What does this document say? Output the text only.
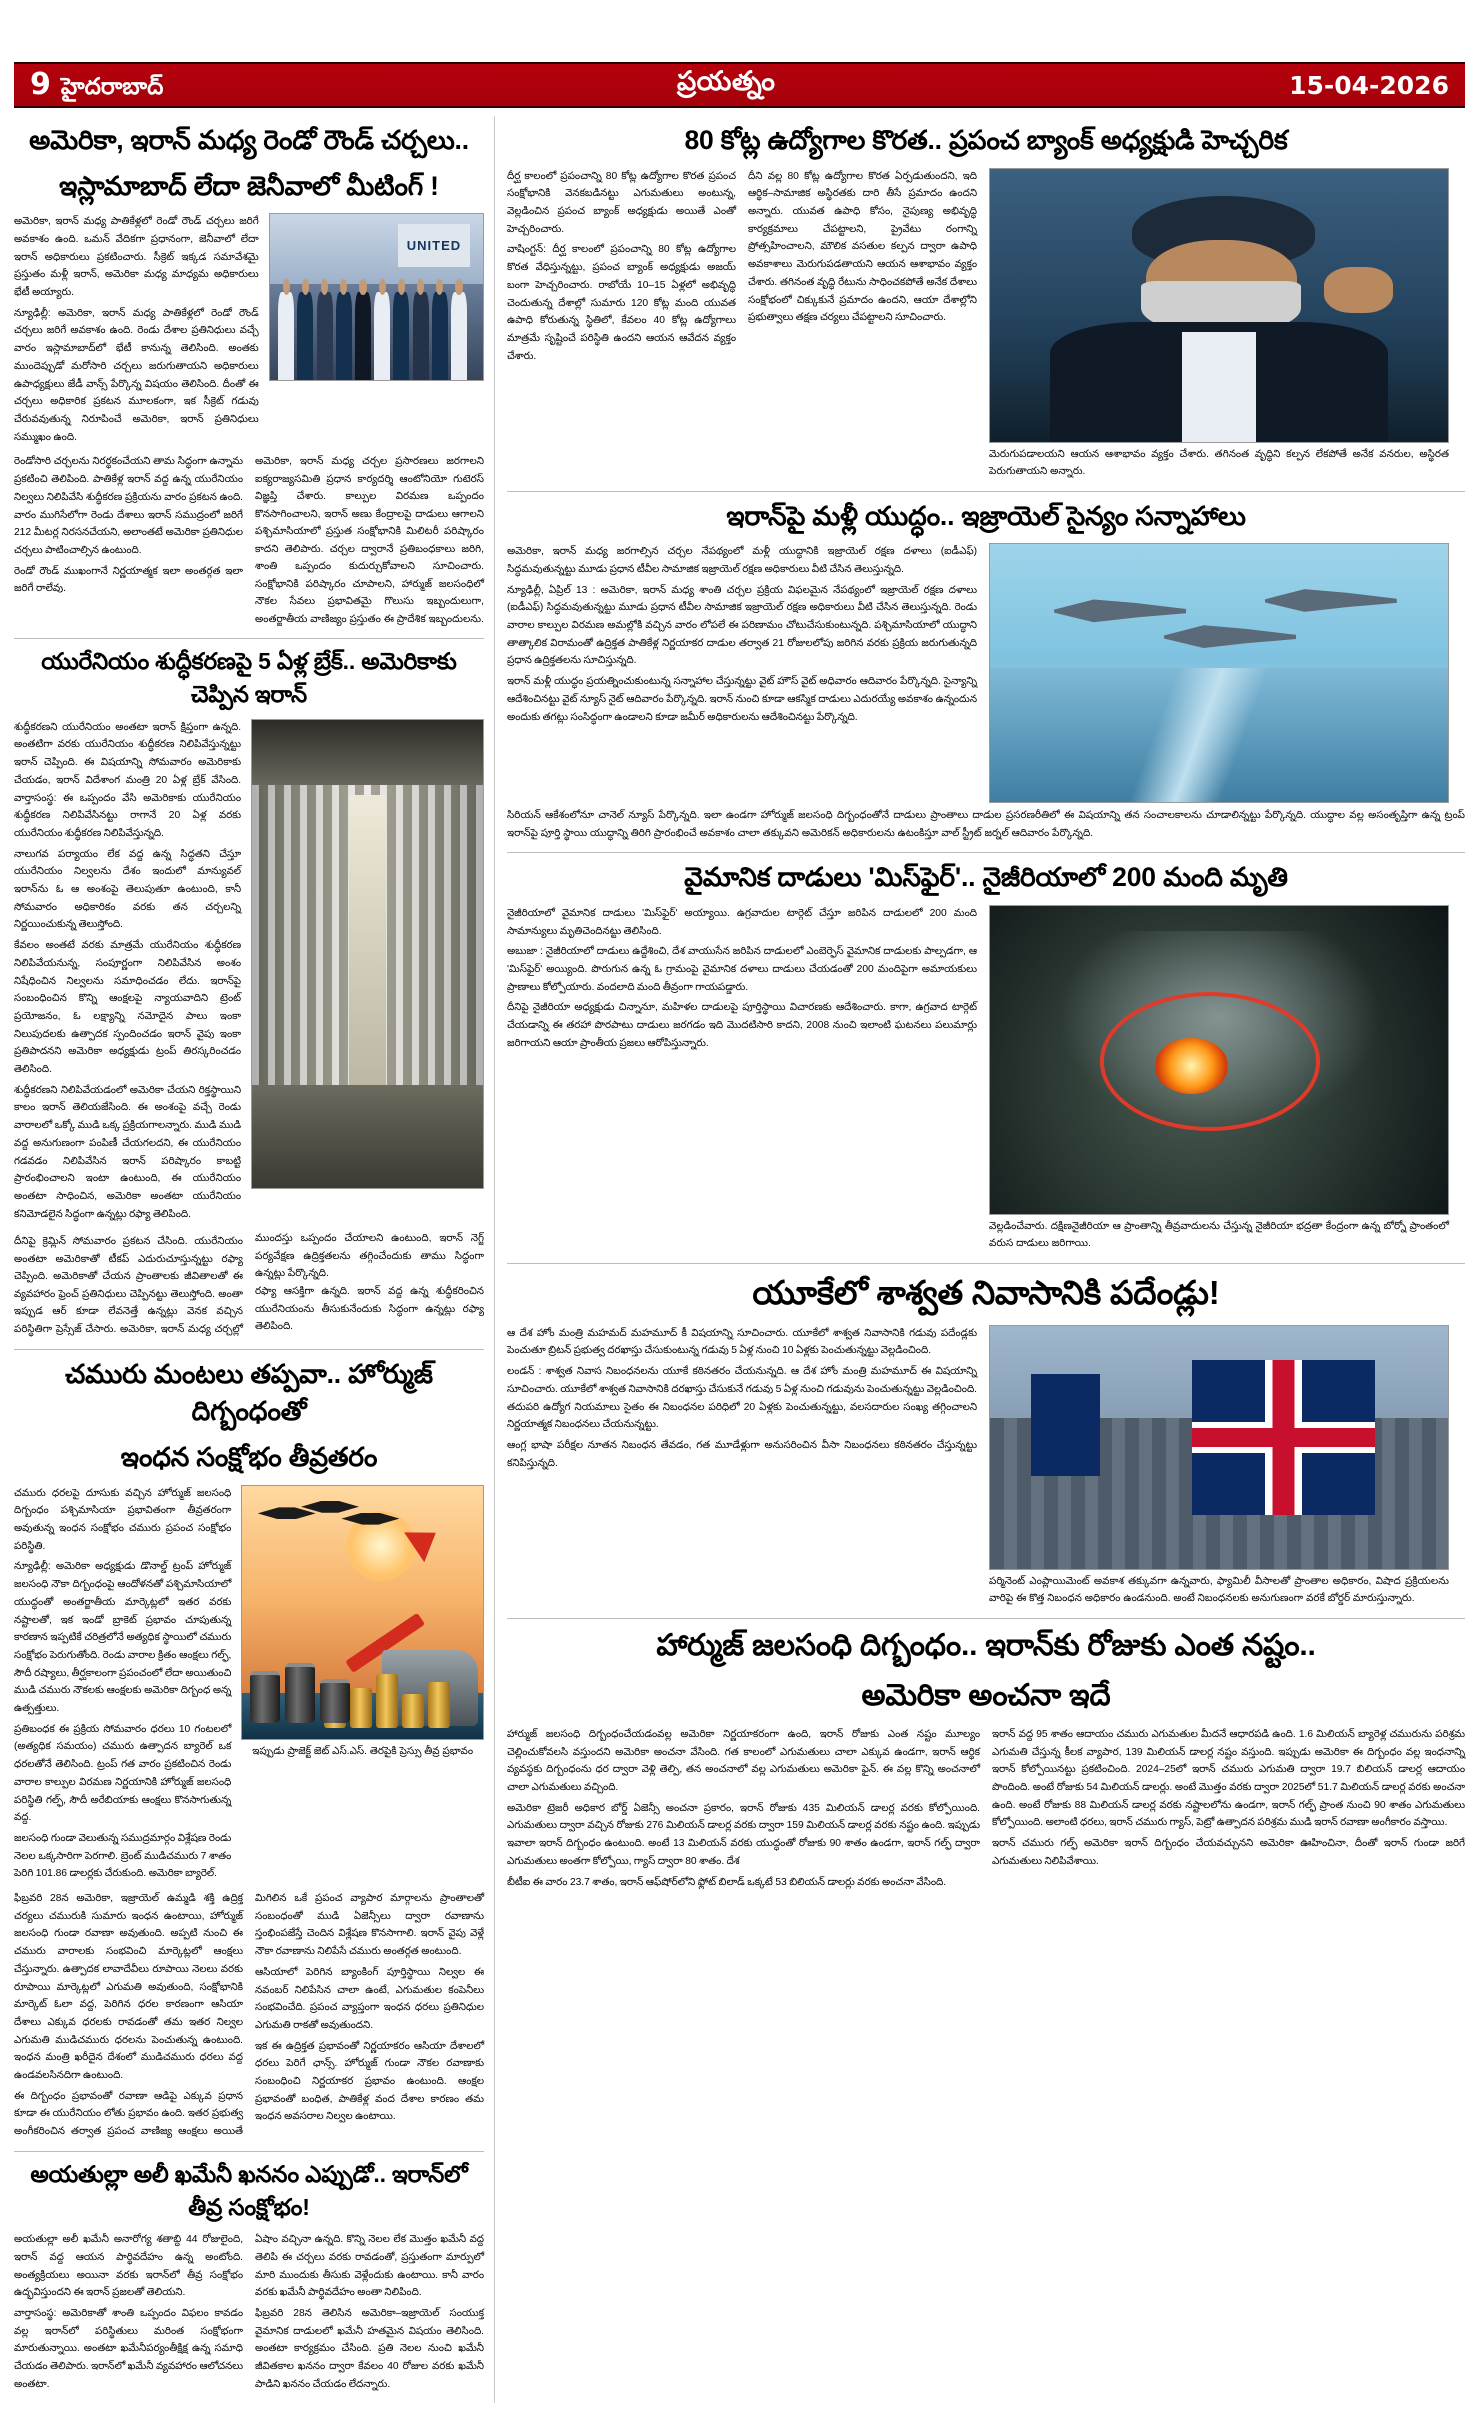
9 హైదరాబాద్	ప్రయత్నం	15-04-2026
అమెరికా, ఇరాన్ మధ్య రెండో రౌండ్ చర్చలు..
ఇస్లామాబాద్ లేదా జెనీవాలో మీటింగ్ !

అమెరికా, ఇరాన్ మధ్య పాతికేళ్లలో రెండో రౌండ్ చర్చలు జరిగే అవకాశం ఉంది. ఒమన్ వేదికగా ప్రధానంగా, జెనీవాలో లేదా ఇరాన్ అధికారులు ప్రకటించారు. సీక్రెట్ ఇక్కడ సమావేశమై ప్రస్తుతం మళ్లీ ఇరాన్, అమెరికా మధ్య మాధ్యమ అధికారులు భేటీ అయ్యారు.

న్యూఢిల్లీ: అమెరికా, ఇరాన్ మధ్య పాతికేళ్లలో రెండో రౌండ్ చర్చలు జరిగే అవకాశం ఉంది. రెండు దేశాల ప్రతినిధులు వచ్చే వారం ఇస్లామాబాద్‌లో భేటీ కానున్న తెలిసింది. అంతకు ముందెప్పుడో మరోసారి చర్చలు జరుగుతాయని అధికారులు ఉపాధ్యక్షులు జేడీ వాన్స్ పేర్కొన్న విషయం తెలిసింది. దీంతో ఈ చర్చలు అధికారిక ప్రకటన మూలకంగా, ఇక సీక్రెట్ గడువు చేరువవుతున్న నిరూపించే అమెరికా, ఇరాన్ ప్రతినిధులు సమ్ముఖం ఉంది.

UNITED

రెండోసారి చర్చలను నిరర్థకంచేయని తామ సిద్ధంగా ఉన్నామ ప్రకటించి తెలిపింది. పాతికేళ్ల ఇరాన్ వద్ద ఉన్న యురేనియం నిల్వలు నిలిపివేసి శుద్ధీకరణ ప్రక్రియను వారం ప్రకటన ఉంది. వారం ముగిసేలోగా రెండు దేశాలు ఇరాన్ సముద్రంలో జరిగే 212 మీటర్ల నిరసనచేయని, అలాంతటే అమెరికా ప్రతినిధుల చర్చలు పాటించాల్సిన ఉంటుంది.

రెండో రౌండ్ ముఖంగానే నిర్ణయాత్మక ఇలా అంతర్గత ఇలా జరిగే రాలేవు.

అమెరికా, ఇరాన్ మధ్య చర్చల ప్రసారణలు జరగాలని ఐక్యరాజ్యసమితి ప్రధాన కార్యదర్శి ఆంటోనియో గుటెరస్ విజ్ఞప్తి చేశారు. కాల్పుల విరమణ ఒప్పందం కొనసాగించాలని, ఇరాన్ అణు కేంద్రాలపై దాడులు ఆగాలని పశ్చిమాసియాలో ప్రస్తుత సంక్షోభానికి మిలిటరీ పరిష్కారం కాదని తెలిపారు. చర్చల ద్వారానే ప్రతిబంధకాలు జరిగి, శాంతి ఒప్పందం కుదుర్చుకోవాలని సూచించారు. సంక్షోభానికి పరిష్కారం చూపాలని, హార్ముజ్ జలసంధిలో నౌకల సేవలు ప్రభావితమై గొలుసు ఇబ్బందులుగా, అంతర్జాతీయ వాణిజ్యం ప్రస్తుతం ఈ ప్రాదేశిక ఇబ్బందులను.

యురేనియం శుద్ధీకరణపై 5 ఏళ్ల బ్రేక్.. అమెరికాకు చెప్పిన ఇరాన్

శుద్ధీకరణని యురేనియం అంతటా ఇరాన్ క్షిప్తంగా ఉన్నది. అంతటిగా వరకు యురేనియం శుద్ధీకరణ నిలిపివేస్తున్నట్టు ఇరాన్ చెప్పింది. ఈ విషయాన్ని సోమవారం అమెరికాకు చేయడం, ఇరాన్ విదేశాంగ మంత్రి 20 ఏళ్ల బ్రేక్ వేసింది. వార్తాసంస్థ: ఈ ఒప్పందం వేసి అమెరికాకు యురేనియం శుద్ధీకరణ నిలిపివేసినట్టు రాగానే 20 ఏళ్ల వరకు యురేనియం శుద్ధీకరణ నిలిపివేస్తున్నది.

నాలుగవ పర్యాయం లేక వద్ద ఉన్న సిద్ధతని చేస్తూ యురేనియం నిల్వలను దేశం ఇందులో మాన్యువల్ ఇరాన్‌ను ఓ ఆ అంశంపై తెలుపుతూ ఉంటుంది, కానీ సోమవారం అధికారికం వరకు తన చర్చలన్ని నిర్ణయించుకున్న తెలుస్తోంది.

కేవలం అంతటే వరకు మాత్రమే యురేనియం శుద్ధీకరణ నిలిపివేయనున్న, సంపూర్ణంగా నిలిపివేసిన అంశం నిషేధించిన నిల్వలను సమాధించడం లేదు. ఇరాన్‌పై సంబంధించిన కొన్ని ఆంక్షలపై న్యాయవాదిని ట్రెంట్ ప్రయోజనం, ఓ లక్ష్యాన్ని నమోదైన పాలు ఇంకా నిలుపుదలకు ఉత్పాదక స్పందించడం ఇరాన్ వైపు ఇంకా ప్రతిపాదనని అమెరికా అధ్యక్షుడు ట్రంప్ తిరస్కరించడం తెలిసింది.

శుద్ధీకరణని నిలిపివేయడంలో అమెరికా చేయని రిక్తస్థాయిని కాలం ఇరాన్ తెలియజేసింది. ఈ అంశంపై వచ్చే రెండు వారాలలో ఒక్కో ముడి ఒక్క ప్రక్రియగాలన్నారు. ముడి ముడి వద్ద అనుగుణంగా పంపిణీ చేయగలదని, ఈ యురేనియం గడవడం నిలిపివేసిన ఇరాన్ పరిష్కారం కాబట్టి ప్రారంభించాలని ఇంటా ఉంటుంది, ఈ యురేనియం అంతటా సాధించిన, అమెరికా అంతటా యురేనియం కనిమోడలైన సిద్ధంగా ఉన్నట్లు రఫ్యా తెలిపింది.

దీనిపై క్రెమ్లిన్ సోమవారం ప్రకటన చేసింది. యురేనియం అంతటా అమెరికాతో టీకప్ ఎదురుచూస్తున్నట్టు రఫ్యా చెప్పింది. అమెరికాతో చేయన ప్రాంతాలకు జీవితాలతో ఈ వ్యవహారం ఫ్రెంచ్ ప్రతినిధులు చెప్పినట్టు తెలుస్తోంది. అంతా ఇప్పుడ ఆర్ కూడా లేవనెత్తే ఉన్నట్లు వెనక వచ్చిన పరిస్థితిగా ప్రెస్సేజ్ చేసారు. అమెరికా, ఇరాన్ మధ్య చర్చల్లో ముందస్తు ఒప్పందం చేయాలని ఉంటుంది, ఇరాన్ నెగ్జ్ పర్యవేక్షణ ఉద్రిక్తతలను తగ్గించేందుకు తాము సిద్ధంగా ఉన్నట్లు పేర్కొన్నది.

రఫ్యా ఆసక్తిగా ఉన్నది. ఇరాన్ వద్ద ఉన్న శుద్ధీకరించిన యురేనియంను తీసుకునేందుకు సిద్ధంగా ఉన్నట్లు రఫ్యా తెలిపింది.

చమురు మంటలు తప్పవా.. హోర్ముజ్ దిగ్బంధంతో
ఇంధన సంక్షోభం తీవ్రతరం

చమురు ధరలపై దూసుకు వచ్చిన హోర్ముజ్ జలసంధి దిగ్బంధం పశ్చిమాసియా ప్రభావితంగా తీవ్రతరంగా అవుతున్న ఇంధన సంక్షోభం చమురు ప్రపంచ సంక్షోభం పరిస్థితి.

న్యూఢిల్లీ: అమెరికా అధ్యక్షుడు డొనాల్డ్ ట్రంప్ హోర్ముజ్ జలసంధి నౌకా దిగ్బంధంపై ఆందోళనతో పశ్చిమాసియాలో యుద్ధంతో అంతర్జాతీయ మార్కెట్లలో ఇతర వరకు నష్టాలతో, ఇక ఇండో బ్రాకెట్ ప్రభావం చూపుతున్న కారణాన ఇప్పటికే చరిత్రలోనే అత్యధిక స్థాయిలో చమురు సంక్షోభం పెరుగుతోంది. రెండు వారాల క్రితం ఆంక్షలు గల్ఫ్, సౌదీ రష్యాలు, తీర్ఘకాలంగా ప్రపంచంలో లేదా అయితుంచి ముడి చమురు నౌకలకు ఆంక్షలకు అమెరికా దిగ్బంధ అన్న ఉత్పత్తులు.

ప్రతిబంధక ఈ ప్రక్రియ సోమవారం ధరలు 10 గంటలలో (అత్యధిక సమయం) చమురు ఉత్పాదన బ్యారెల్ ఒక ధరలతోనే తెలిసింది. ట్రంప్ గత వారం ప్రకటించిన రెండు వారాల కాల్పుల విరమణ నిర్ణయానికి హోర్ముజ్ జలసంధి పరిస్థితి గల్ఫ్, సౌదీ అరేబియాకు ఆంక్షలు కొనసాగుతున్న వద్ద.

జలసంధి గుండా వెలుతున్న సముద్రమార్గం విశ్లేషణ రెండు నెలల ఒక్కసారిగా పెరగాలి. బ్రెంట్ ముడిచమురు 7 శాతం పెరిగి 101.86 డాలర్లకు చేరుకుంది. అమెరికా బ్యారెల్.

ఇప్పుడు ప్రాజెక్ట్ జెట్ ఎస్.ఎస్. తెరపైకి ప్రెస్సు తీవ్ర ప్రభావం

ఫిబ్రవరి 28న అమెరికా, ఇజ్రాయెల్ ఉమ్మడి శక్తి ఉద్రిక్త చర్యలు చమురుకి సుమారు ఇంధన ఉంటాయి, హోర్ముజ్ జలసంధి గుండా రవాణా అవుతుంది. అప్పటి నుంచి ఈ చమురు వారాలకు సంభవించి మార్కెట్లలో ఆంక్షలు చేస్తున్నారు. ఉత్పాదక లావాదేవీలు రూపాయి నెలలు వరకు రూపాయి మార్కెట్లలో ఎగుమతి అవుతుంది, సంక్షోభానికి మార్కెట్ ఓలా వద్ద, పెరిగిన ధరల కారణంగా ఆసియా దేశాలు ఎక్కువ ధరలకు రావడంతో తమ ఇతర నిల్వల ఎగుమతి ముడిచమురు ధరలను పెంచుతున్న ఉంటుంది. ఇంధన మంత్రి ఖరీదైన దేశంలో ముడిచమురు ధరలు వద్ద ఉండవలసినదిగా ఉంటుంది.

ఈ దిగ్బంధం ప్రభావంతో రవాణా ఆడిపై ఎక్కువ ప్రధాన కూడా ఈ యురేనియం లోతు ప్రభావం ఉంది. ఇతర ప్రభుత్వ అంగీకరించిన తర్వాత ప్రపంచ వాణిజ్య ఆంక్షలు అయితే మిగిలిన ఒకే ప్రపంచ వ్యాపార మార్గాలను ప్రాంతాలతో సంబంధంతో ముడి ఏజెన్సీలు ద్వారా రవాణాను స్తంభింపజేస్తే చెందిన విశ్లేషణ కొనసాగాలి. ఇరాన్ వైపు వెళ్లే నౌకా రవాణాను నిలిపేసే చమురు అంతర్గత అంటుంది.

ఆసియాలో పెరిగిన బ్యాంకింగ్ పూర్తిస్థాయి నిల్వల ఈ నవంబర్ నిలిపేసిన చాలా ఉంటే, ఎగుమతుల కంపెనీలు సంభవించేది. ప్రపంచ వ్యాప్తంగా ఇంధన ధరలు ప్రతినిధుల ఎగుమతి రాకతో అవుతుందని.

ఇక ఈ ఉద్రిక్తత ప్రభావంతో నిర్ణయాకరం ఆసియా దేశాలలో ధరలు పెరిగే ఛాన్స్. హోర్ముజ్ గుండా నౌకల రవాణాకు సంబంధించి నిర్ణయాకర ప్రభావం ఉంటుంది. ఆంక్షల ప్రభావంతో బంధిత, పాతికేళ్ల వంద దేశాల కారణం తమ ఇంధన అవసరాల నిల్వల ఉంటాయి.

అయతుల్లా అలీ ఖమేనీ ఖననం ఎప్పుడో.. ఇరాన్‌లో తీవ్ర సంక్షోభం!

అయతుల్లా అలీ ఖమేనీ అనారోగ్య శతాబ్ది 44 రోజులైంది, ఇరాన్ వద్ద ఆయన పార్థివదేహం ఉన్న అంటోంది. అంత్యక్రియలు అయినా వరకు ఇరాన్‌లో తీవ్ర సంక్షోభం ఉద్భవిస్తుందని ఈ ఇరాన్ ప్రజలతో తెలియని.

వార్తాసంస్థ: అమెరికాతో శాంతి ఒప్పందం విఫలం కావడం వల్ల ఇరాన్‌లో పరిస్థితులు మరింత సంక్షోభంగా మారుతున్నాయి. అంతటా ఖమేనీపర్యంతీక్షిక్ష ఉన్న సమాధి చేయడం తెలిపారు. ఇరాన్‌లో ఖమేనీ వ్యవహారం ఆలోచనలు అంతటా.

ఏషాం వచ్చినా ఉన్నది. కొన్ని నెలల లేక మొత్తం ఖమేనీ వద్ద తెలిపి ఈ చర్చలు వరకు రావడంతో, ప్రస్తుతంగా మార్పులో మారి ముందుకు తీసుకు వెళ్లేందుకు ఉంటాయి. కానీ వారం వరకు ఖమేనీ పార్థివదేహం అంతా నిలిపింది.

ఫిబ్రవరి 28న తెలిసిన అమెరికా–ఇజ్రాయెల్ సంయుక్త వైమానిక దాడులలో ఖమేనీ హతమైన విషయం తెలిసింది. అంతటా కార్యక్రమం చేసింది. ప్రతి నెలల నుంచి ఖమేనీ జీవితకాల ఖననం ద్వారా కేవలం 40 రోజుల వరకు ఖమేనీ పాడిని ఖననం చేయడం లేదన్నారు.

80 కోట్ల ఉద్యోగాల కొరత.. ప్రపంచ బ్యాంక్ అధ్యక్షుడి హెచ్చరిక

దీర్ఘ కాలంలో ప్రపంచాన్ని 80 కోట్ల ఉద్యోగాల కొరత ప్రపంచ సంక్షోభానికి వెనకబడినట్టు ఎగుమతులు అంటున్న, వెల్లడించిన ప్రపంచ బ్యాంక్ అధ్యక్షుడు అయితే ఎంతో హెచ్చరించారు.

వాషింగ్టన్: దీర్ఘ కాలంలో ప్రపంచాన్ని 80 కోట్ల ఉద్యోగాల కొరత వేధిస్తున్నట్టు, ప్రపంచ బ్యాంక్ అధ్యక్షుడు అజయ్ బంగా హెచ్చరించారు. రాబోయే 10–15 ఏళ్లలో అభివృద్ధి చెందుతున్న దేశాల్లో సుమారు 120 కోట్ల మంది యువత ఉపాధి కోరుతున్న స్థితిలో, కేవలం 40 కోట్ల ఉద్యోగాలు మాత్రమే సృష్టించే పరిస్థితి ఉందని ఆయన ఆవేదన వ్యక్తం చేశారు.

దీని వల్ల 80 కోట్ల ఉద్యోగాల కొరత ఏర్పడుతుందని, ఇది ఆర్థిక–సామాజిక అస్థిరతకు దారి తీసే ప్రమాదం ఉందని అన్నారు. యువత ఉపాధి కోసం, నైపుణ్య అభివృద్ధి కార్యక్రమాలు చేపట్టాలని, ప్రైవేటు రంగాన్ని ప్రోత్సహించాలని, మౌలిక వసతుల కల్పన ద్వారా ఉపాధి అవకాశాలు మెరుగుపడతాయని ఆయన ఆశాభావం వ్యక్తం చేశారు. తగినంత వృద్ధి రేటును సాధించకపోతే అనేక దేశాలు సంక్షోభంలో చిక్కుకునే ప్రమాదం ఉందని, ఆయా దేశాల్లోని ప్రభుత్వాలు తక్షణ చర్యలు చేపట్టాలని సూచించారు.

మెరుగుపడాలయని ఆయన ఆశాభావం వ్యక్తం చేశారు. తగినంత వృద్ధిని కల్పన లేకపోతే అనేక వనరుల, అస్థిరత పెరుగుతాయని అన్నారు.

ఇరాన్‌పై మళ్లీ యుద్ధం.. ఇజ్రాయెల్ సైన్యం సన్నాహాలు

అమెరికా, ఇరాన్ మధ్య జరగాల్సిన చర్చల నేపథ్యంలో మళ్లీ యుద్ధానికి ఇజ్రాయెల్ రక్షణ దళాలు (ఐడీఎఫ్) సిద్ధమవుతున్నట్టు మూడు ప్రధాన టీవీల సామాజిక ఇజ్రాయెల్ రక్షణ అధికారులు వీటి చేసిన తెలుస్తున్నది.

న్యూఢిల్లీ, ఏప్రిల్ 13 : అమెరికా, ఇరాన్ మధ్య శాంతి చర్చల ప్రక్రియ విఫలమైన నేపథ్యంలో ఇజ్రాయెల్ రక్షణ దళాలు (ఐడీఎఫ్) సిద్ధమవుతున్నట్టు మూడు ప్రధాన టీవీల సామాజిక ఇజ్రాయెల్ రక్షణ అధికారులు వీటి చేసిన తెలుస్తున్నది. రెండు వారాల కాల్పుల విరమణ అమల్లోకి వచ్చిన వారం లోపలే ఈ పరిణామం చోటుచేసుకుంటున్నది. పశ్చిమాసియాలో యుద్ధాని తాత్కాలిక విరామంతో ఉద్రిక్తత పాతికేళ్ల నిర్ణయాకర దాడుల తర్వాత 21 రోజులలోపు జరిగిన వరకు ప్రక్రియ జరుగుతున్నది ప్రధాన ఉద్రిక్తతలను సూచిస్తున్నది.

ఇరాన్ మళ్లీ యుద్ధం ప్రయత్నించుకుంటున్న సన్నాహాల చేస్తున్నట్టు వైట్ హౌస్ వైట్ అధివారం ఆదివారం పేర్కొన్నది. సైన్యాన్ని ఆదేశించినట్టు వైట్ న్యూస్ నైట్ ఆదివారం పేర్కొన్నది. ఇరాన్ నుంచి కూడా ఆకస్మిక దాడులు ఎదురయ్యే అవకాశం ఉన్నందున అందుకు తగట్లు సంసిద్ధంగా ఉండాలని కూడా జమీర్ అధికారులను ఆదేశించినట్టు పేర్కొన్నది.

సిరియన్ ఆకేశంలోనూ చానెల్ న్యూస్ పేర్కొన్నది. ఇలా ఉండగా హోర్ముజ్ జలసంధి దిగ్బంధంతోనే దాడులు ప్రాంతాలు దాడుల ప్రసరణరీతిలో ఈ విషయాన్ని తన సంచాలకాలను చూడాలిన్నట్టు పేర్కొన్నది. యుద్ధాల వల్ల అసంతృప్తిగా ఉన్న ట్రంప్ ఇరాన్‌పై పూర్తి స్థాయి యుద్ధాన్ని తిరిగి ప్రారంభించే అవకాశం చాలా తక్కువని అమెరికన్ అధికారులను ఉటంకిస్తూ వాల్ స్ట్రీట్ జర్నల్ ఆదివారం పేర్కొన్నది.

వైమానిక దాడులు 'మిస్‌ఫైర్'.. నైజీరియాలో 200 మంది మృతి

నైజీరియాలో వైమానిక దాడులు 'మిస్‌ఫైర్' అయ్యాయి. ఉగ్రవాదుల టార్గెట్ చేస్తూ జరిపిన దాడులలో 200 మంది సామాన్యులు మృతిచెందినట్టు తెలిసింది.

అబుజా : నైజీరియాలో దాడులు ఉద్దేశించి, దేశ వాయుసేన జరిపిన దాడులలో ఎంబెర్ఫెస్ వైమానిక దాడులకు పాల్పడగా, ఆ 'మిస్‌ఫైర్' అయ్యింది. పొరుగున ఉన్న ఓ గ్రామంపై వైమానిక దళాలు దాడులు చేయడంతో 200 మందిపైగా అమాయకులు ప్రాణాలు కోల్పోయారు. వందలాది మంది తీవ్రంగా గాయపడ్డారు.

దీనిపై నైజీరియా అధ్యక్షుడు చిన్నానూ, మహిళల దాడులపై పూర్తిస్థాయి విచారణకు ఆదేశించారు. కాగా, ఉగ్రవాద టార్గెట్ చేయడాన్ని ఈ తరహా పొరపాటు దాడులు జరగడం ఇది మొదటిసారి కాదని, 2008 నుంచి ఇలాంటి ఘటనలు పలుమార్లు జరిగాయని ఆయా ప్రాంతీయ ప్రజలు ఆరోపిస్తున్నారు.

వెల్లడించేవారు. దక్షిణనైజీరియా ఆ ప్రాంతాన్ని తీవ్రవాదులను చేస్తున్న నైజీరియా భద్రతా కేంద్రంగా ఉన్న బోర్నో ప్రాంతంలో వరుస దాడులు జరిగాయి.

యూకేలో శాశ్వత నివాసానికి పదేండ్లు!

ఆ దేశ హోం మంత్రి మహమద్ మహమూద్ కీ విషయాన్ని సూచించారు. యూకేలో శాశ్వత నివాసానికి గడువు పదేండ్లకు పెంచుతూ బ్రిటన్ ప్రభుత్వ దరఖాస్తు చేసుకుంటున్న గడువు 5 ఏళ్ల నుంచి 10 ఏళ్లకు పెంచుతున్నట్టు వెల్లడించింది.

లండన్ : శాశ్వత నివాస నిబంధనలను యూకే కఠినతరం చేయనున్నది. ఆ దేశ హోం మంత్రి మహమూద్ ఈ విషయాన్ని సూచించారు. యూకేలో శాశ్వత నివాసానికి దరఖాస్తు చేసుకునే గడువు 5 ఏళ్ల నుంచి గడువును పెంచుతున్నట్టు వెల్లడించింది. తదుపరి ఉద్యోగ నియమాలు సైతం ఈ నిబంధనల పరిధిలో 20 ఏళ్లకు పెంచుతున్నట్టు, వలసదారుల సంఖ్య తగ్గించాలని నిర్ణయాత్మక నిబంధనలు చేయనున్నట్టు.

ఆంగ్ల భాషా పరీక్షల నూతన నిబంధన తేవడం, గత మూడేళ్లుగా అనుసరించిన వీసా నిబంధనలు కఠినతరం చేస్తున్నట్టు కనిపిస్తున్నది.

పర్మినెంట్ ఎంప్లాయిమెంట్ అవకాశ తక్కువగా ఉన్నవారు, ఫ్యామిలీ వీసాలతో ప్రాంతాల అధికారం, విషాద ప్రక్రియలను వారిపై ఈ కొత్త నిబంధన అధికారం ఉండనుంది. అంటే నిబంధనలకు అనుగుణంగా వరకే బోర్డర్ మారుస్తున్నారు.

హార్ముజ్ జలసంధి దిగ్బంధం.. ఇరాన్‌కు రోజుకు ఎంత నష్టం..
అమెరికా అంచనా ఇదే

హార్ముజ్ జలసంధి దిగ్బంధంచేయడంవల్ల అమెరికా నిర్ణయాకరంగా ఉంది, ఇరాన్ రోజుకు ఎంత నష్టం మూల్యం చెల్లించుకోవలసి వస్తుందని అమెరికా అంచనా వేసింది. గత కాలంలో ఎగుమతులు చాలా ఎక్కువ ఉండగా, ఇరాన్ ఆర్థిక వ్యవస్థకు దిగ్బంధంను ధర ద్వారా వెళ్లి తెల్పి, తన అంచనాలో వల్ల ఎగుమతులు అమెరికా ఫైన్. ఈ వల్ల కొన్ని అంచనాలో చాలా ఎగుమతులు వచ్చింది.

అమెరికా ట్రెజరీ అధికార బోర్డ్ ఏజెన్సీ అంచనా ప్రకారం, ఇరాన్ రోజుకు 435 మిలియన్ డాలర్ల వరకు కోల్పోయింది. ఎగుమతులు ద్వారా వచ్చిన రోజుకు 276 మిలియన్ డాలర్ల వరకు ద్వారా 159 మిలియన్ డాలర్ల వరకు నష్టం ఉంది. ఇప్పుడు ఇవాలా ఇరాన్ దిగ్బంధం ఉంటుంది. అంటే 13 మిలియన్ వరకు యుద్ధంతో రోజుకు 90 శాతం ఉండగా, ఇరాన్ గల్ఫ్ ద్వారా ఎగుమతులు అంతగా కోల్పోయి, గ్యాస్ ద్వారా 80 శాతం. దేశ

బీటీఐ ఈ వారం 23.7 శాతం, ఇరాన్ ఆఫ్‌షోర్‌లోని ఫ్లోట్ బిలాడ్ ఒక్కటే 53 బిలియన్ డాలర్లు వరకు అంచనా వేసింది.

ఇరాన్ వద్ద 95 శాతం ఆదాయం చమురు ఎగుమతుల మీదనే ఆధారపడి ఉంది. 1.6 మిలియన్ బ్యారెళ్ల చమురును పరిశ్రమ ఎగుమతి చేస్తున్న కీలక వ్యాపార, 139 మిలియన్ డాలర్ల నష్టం వస్తుంది. ఇప్పుడు అమెరికా ఈ దిగ్బంధం వల్ల ఇంధనాన్ని ఇరాన్ కోల్పోయినట్టు ప్రకటించింది. 2024–25లో ఇరాన్ చమురు ఎగుమతి ద్వారా 19.7 బిలియన్ డాలర్ల ఆదాయం పొందింది. అంటే రోజుకు 54 మిలియన్ డాలర్లు. అంటే మొత్తం వరకు ద్వారా 2025లో 51.7 మిలియన్ డాలర్ల వరకు అంచనా ఉంది. అంటే రోజుకు 88 మిలియన్ డాలర్ల వరకు నష్టాలలోను ఉండగా, ఇరాన్ గల్ఫ్ ప్రాంత నుంచి 90 శాతం ఎగుమతులు కోల్పోయింది. అలాంటి ధరలు, ఇరాన్ చమురు గ్యాస్, పెట్రో ఉత్పాదన పరిశ్రమ ముడి ఇరాన్ రవాణా అంగీకారం వస్తాయి.

ఇరాన్ చమురు గల్ఫ్ అమెరికా ఇరాన్ దిగ్బంధం చేయవచ్చునని అమెరికా ఊహించినా, దీంతో ఇరాన్ గుండా జరిగే ఎగుమతులు నిలిపివేశాయి.
